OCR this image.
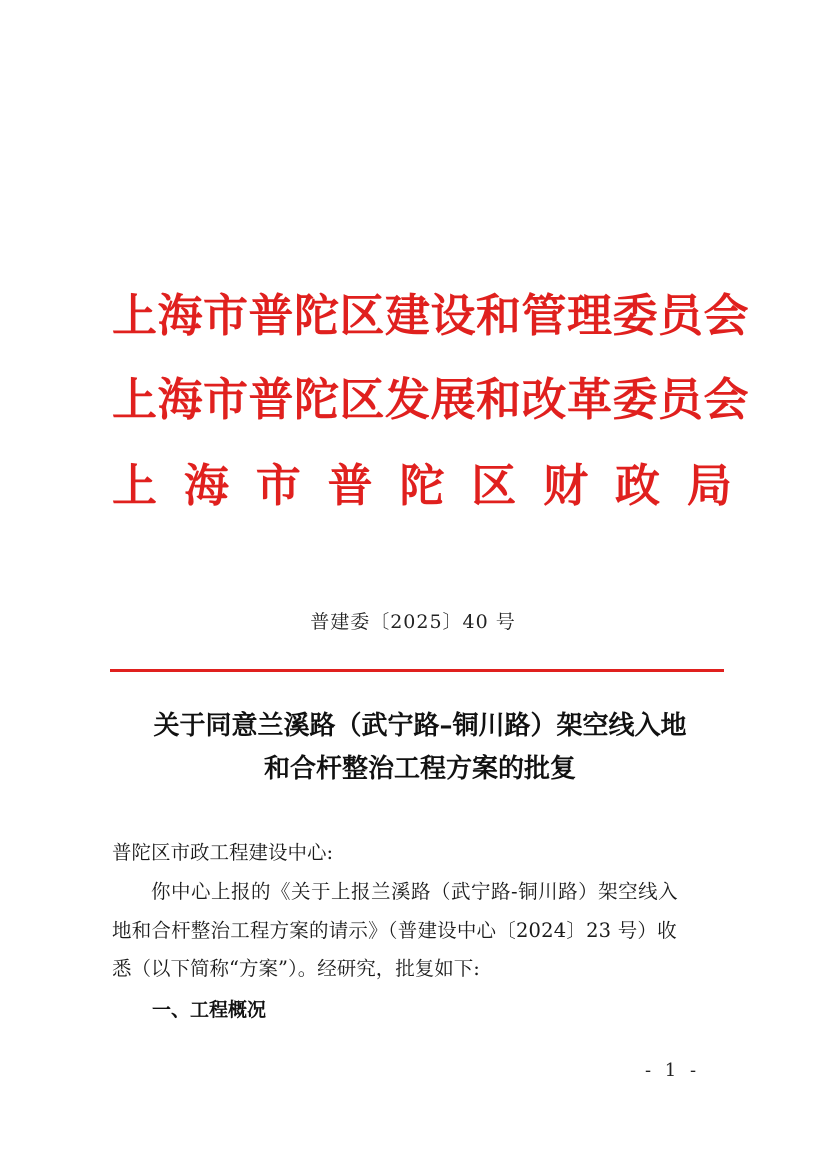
上海市普陀区建设和管理委员会
上海市普陀区发展和改革委员会
上 海 市 普 陀 区 财 政 局
普建委〔2025〕40 号
关于同意兰溪路（武宁路–铜川路）架空线入地
和合杆整治工程方案的批复
普陀区市政工程建设中心:
你中心上报的《关于上报兰溪路（武宁路-铜川路）架空线入
地和合杆整治工程方案的请示》（普建设中心〔2024〕23 号）收
悉（以下简称“方案”）。经研究，批复如下:
一、工程概况
- 1 -
